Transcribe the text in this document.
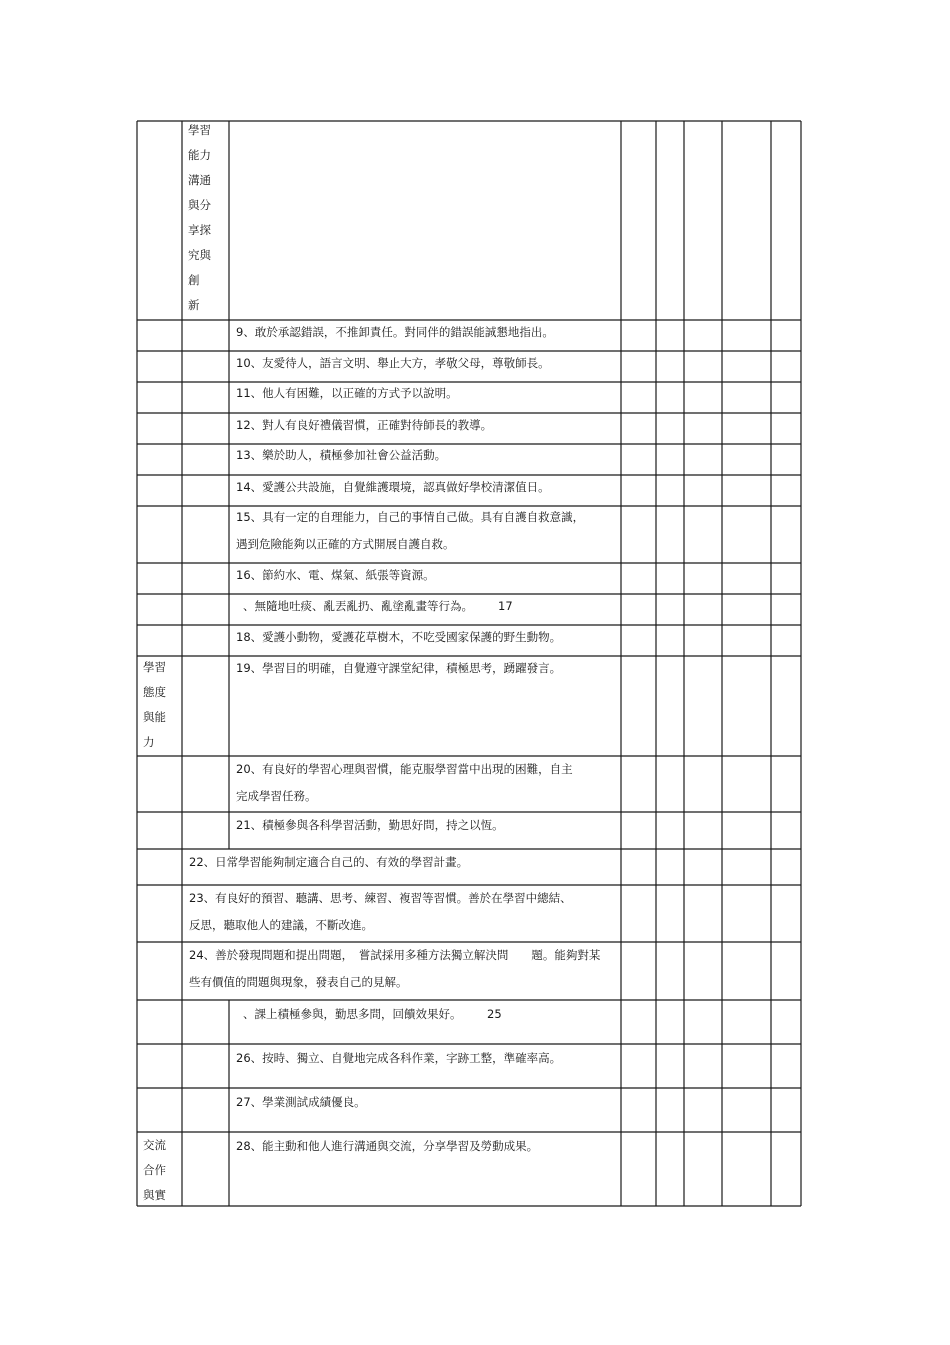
學習
能力
溝通
與分
享探
究與
創
新
9、敢於承認錯誤，不推卸責任。對同伴的錯誤能誠懇地指出。
10、友愛待人，語言文明、舉止大方，孝敬父母，尊敬師長。
11、他人有困難，以正確的方式予以說明。
12、對人有良好禮儀習慣，正確對待師長的教導。
13、樂於助人，積極參加社會公益活動。
14、愛護公共設施，自覺維護環境，認真做好學校清潔值日。
15、具有一定的自理能力，自己的事情自己做。具有自護自救意識，
遇到危險能夠以正確的方式開展自護自救。
16、節約水、電、煤氣、紙張等資源。
、無隨地吐痰、亂丟亂扔、亂塗亂畫等行為。 17
18、愛護小動物，愛護花草樹木，不吃受國家保護的野生動物。
學習
態度
與能
力
19、學習目的明確，自覺遵守課堂紀律，積極思考，踴躍發言。
20、有良好的學習心理與習慣，能克服學習當中出現的困難，自主
完成學習任務。
21、積極參與各科學習活動，勤思好問，持之以恆。
22、日常學習能夠制定適合自己的、有效的學習計畫。
23、有良好的預習、聽講、思考、練習、複習等習慣。善於在學習中總結、
反思，聽取他人的建議，不斷改進。
24、善於發現問題和提出問題，　嘗試採用多種方法獨立解決問　　題。能夠對某
些有價值的問題與現象，發表自己的見解。
、課上積極參與，勤思多問，回饋效果好。 25
26、按時、獨立、自覺地完成各科作業，字跡工整，準確率高。
27、學業測試成績優良。
交流
合作
與實
28、能主動和他人進行溝通與交流，分享學習及勞動成果。
